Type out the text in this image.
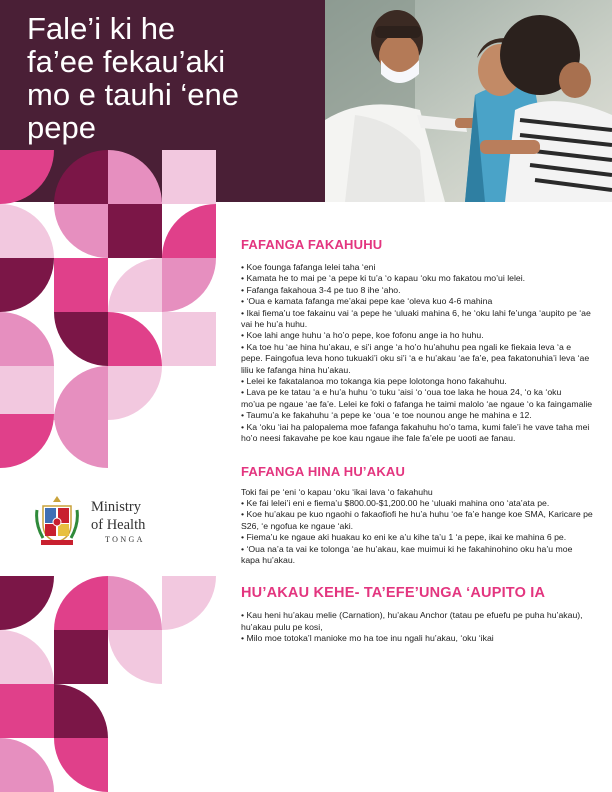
Fale’i ki he
fa’ee fekau’aki
mo e tauhi ‘ene
pepe
Ministry
of Health
TONGA
FAFANGA FAKAHUHU
• Koe founga fafanga lelei taha ‘eni
• Kamata he to mai pe ‘a pepe ki tu’a ‘o kapau ‘oku mo fakatou mo’ui lelei.
• Fafanga fakahoua 3-4 pe tuo 8 ihe ‘aho.
• ‘Oua e kamata fafanga me’akai pepe kae ‘oleva kuo 4-6 mahina
• Ikai fiema’u toe fakainu vai ‘a pepe he ‘uluaki mahina 6, he ‘oku lahi fe’unga ‘aupito pe ‘ae vai he hu’a huhu.
• Koe lahi ange huhu ‘a ho’o pepe, koe fofonu ange ia ho huhu.
• Ka toe hu ‘ae hina hu’akau, e si’i ange ‘a ho’o hu’ahuhu pea ngali ke fiekaia leva ‘a e pepe. Faingofua leva hono tukuaki’i oku si’i ‘a e hu’akau ‘ae fa’e, pea fakatonuhia’i leva ‘ae liliu ke fafanga hina hu’akau.
• Lelei ke fakatalanoa mo tokanga kia pepe lolotonga hono fakahuhu.
• Lava pe ke tatau ‘a e hu’a huhu ‘o tuku ‘aisi ‘o ‘oua toe laka he houa 24, ‘o ka ‘oku
mo’ua pe ngaue ‘ae fa’e. Lelei ke foki o fafanga he taimi malolo ‘ae ngaue ‘o ka faingamalie
• Taumu’a ke fakahuhu ‘a pepe ke ‘oua ‘e toe nounou ange he mahina e 12.
• Ka ‘oku ‘iai ha palopalema moe fafanga fakahuhu ho’o tama, kumi fale’i he vave taha mei ho’o neesi fakavahe pe koe kau ngaue ihe fale fa’ele pe uooti ae fanau.
FAFANGA HINA HU’AKAU

Toki fai pe ‘eni ‘o kapau ‘oku ‘ikai lava ‘o fakahuhu

• Ke fai lelei’i eni e fiema’u $800.00-$1,200.00 he ‘uluaki mahina ono ‘ata’ata pe.
• Koe hu’akau pe kuo ngaohi o fakaofiofi he hu’a huhu ‘oe fa’e hange koe SMA, Karicare pe S26, ‘e ngofua ke ngaue ‘aki.
• Fiema’u ke ngaue aki huakau ko eni ke a’u kihe ta’u 1 ‘a pepe, ikai ke mahina 6 pe.
• ‘Oua na’a ta vai ke tolonga ‘ae hu’akau, kae muimui ki he fakahinohino oku ha’u moe kapa hu’akau.
HU’AKAU KEHE- TA’EFE’UNGA ‘AUPITO IA
• Kau heni hu’akau melie (Carnation), hu’akau Anchor (tatau pe efuefu pe puha hu’akau), hu’akau pulu pe kosi,
• Milo moe totoka’l manioke mo ha toe inu ngali hu’akau, ‘oku ‘ikai
